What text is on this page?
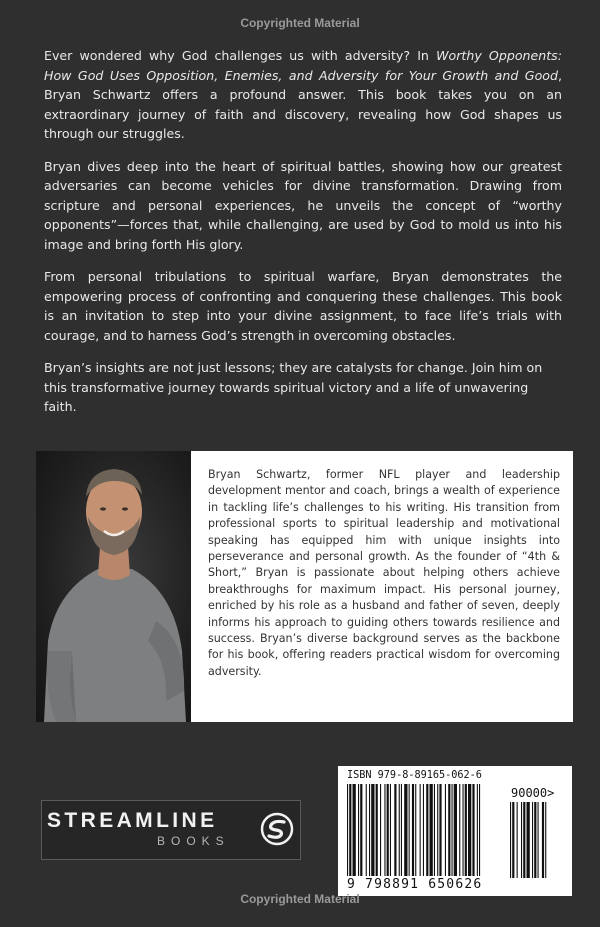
Copyrighted Material

Ever wondered why God challenges us with adversity? In Worthy Opponents: How God Uses Opposition, Enemies, and Adversity for Your Growth and Good, Bryan Schwartz offers a profound answer. This book takes you on an extraordinary journey of faith and discovery, revealing how God shapes us through our struggles.

Bryan dives deep into the heart of spiritual battles, showing how our greatest adversaries can become vehicles for divine transformation. Drawing from scripture and personal experiences, he unveils the concept of “worthy opponents”—forces that, while challenging, are used by God to mold us into his image and bring forth His glory.

From personal tribulations to spiritual warfare, Bryan demonstrates the empowering process of confronting and conquering these challenges. This book is an invitation to step into your divine assignment, to face life’s trials with courage, and to harness God’s strength in overcoming obstacles.

Bryan’s insights are not just lessons; they are catalysts for change. Join him on this transformative journey towards spiritual victory and a life of unwavering faith.

Bryan Schwartz, former NFL player and leadership development mentor and coach, brings a wealth of experience in tackling life’s challenges to his writing. His transition from professional sports to spiritual leadership and motivational speaking has equipped him with unique insights into perseverance and personal growth. As the founder of “4th & Short,” Bryan is passionate about helping others achieve breakthroughs for maximum impact. His personal journey, enriched by his role as a husband and father of seven, deeply informs his approach to guiding others towards resilience and success. Bryan’s diverse background serves as the backbone for his book, offering readers practical wisdom for overcoming adversity.
STREAMLINE
BOOKS
ISBN 979-8-89165-062-6
90000>
9 798891 650626
Copyrighted Material
